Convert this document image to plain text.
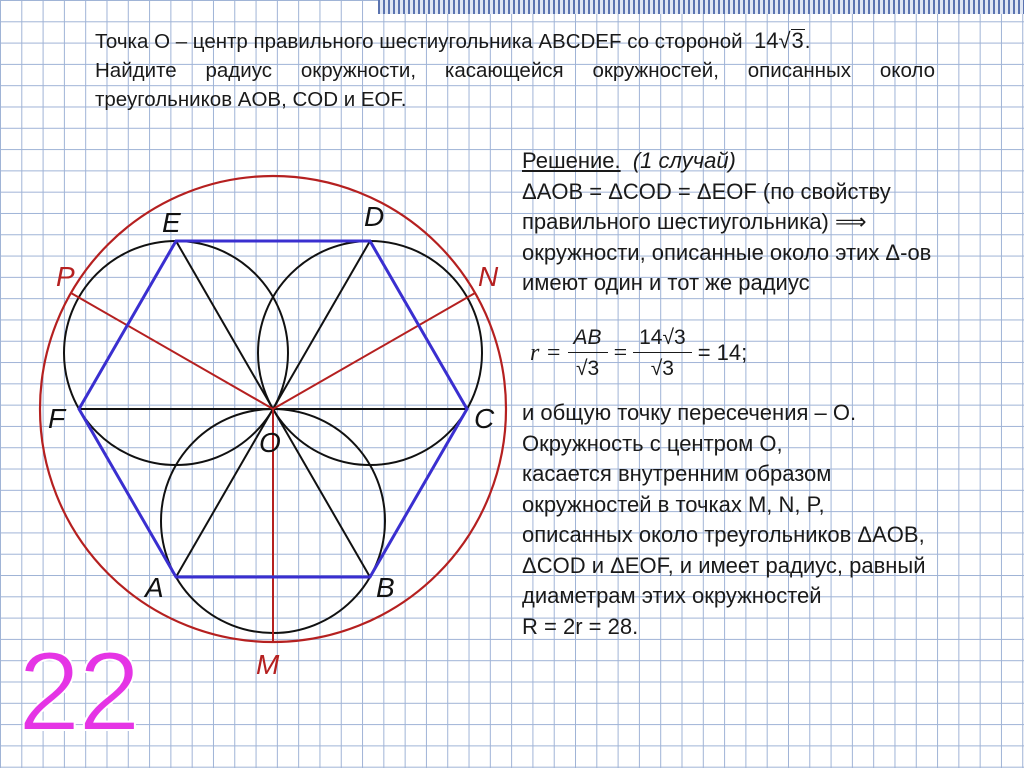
Точка О – центр правильного шестиугольника ABCDEF со стороной 14√3.
Найдите радиус окружности, касающейся окружностей, описанных около
треугольников AOB, COD и EOF.
A	B
C
D
E
F
O
M
N
P
Решение. (1 случай)
ΔAOB = ΔCOD = ΔEOF (по свойству
правильного шестиугольника) ⟹
окружности, описанные около этих Δ-ов
имеют один и тот же радиус
$r = \frac{AB}{√3} = \frac{14√3}{√3} = 14$;
и общую точку пересечения – O.
Окружность с центром O,
касается внутренним образом
окружностей в точках M, N, P,
описанных около треугольников ΔAOB,
ΔCOD и ΔEOF, и имеет радиус, равный
диаметрам этих окружностей
R = 2r = 28.
22
